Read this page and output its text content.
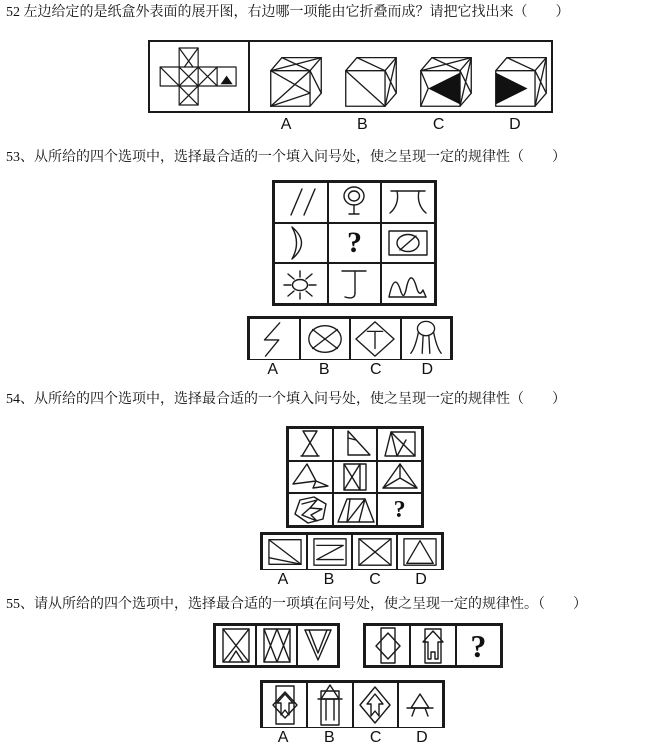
52 左边给定的是纸盒外表面的展开图，右边哪一项能由它折叠而成？请把它找出来（　　）
A	B	C	D
53、从所给的四个选项中，选择最合适的一个填入问号处，使之呈现一定的规律性（　　）
?
A	B	C	D
54、从所给的四个选项中，选择最合适的一个填入问号处，使之呈现一定的规律性（　　）
?
A	B	C	D
55、请从所给的四个选项中，选择最合适的一项填在问号处，使之呈现一定的规律性。（　　）
?
A	B	C	D
